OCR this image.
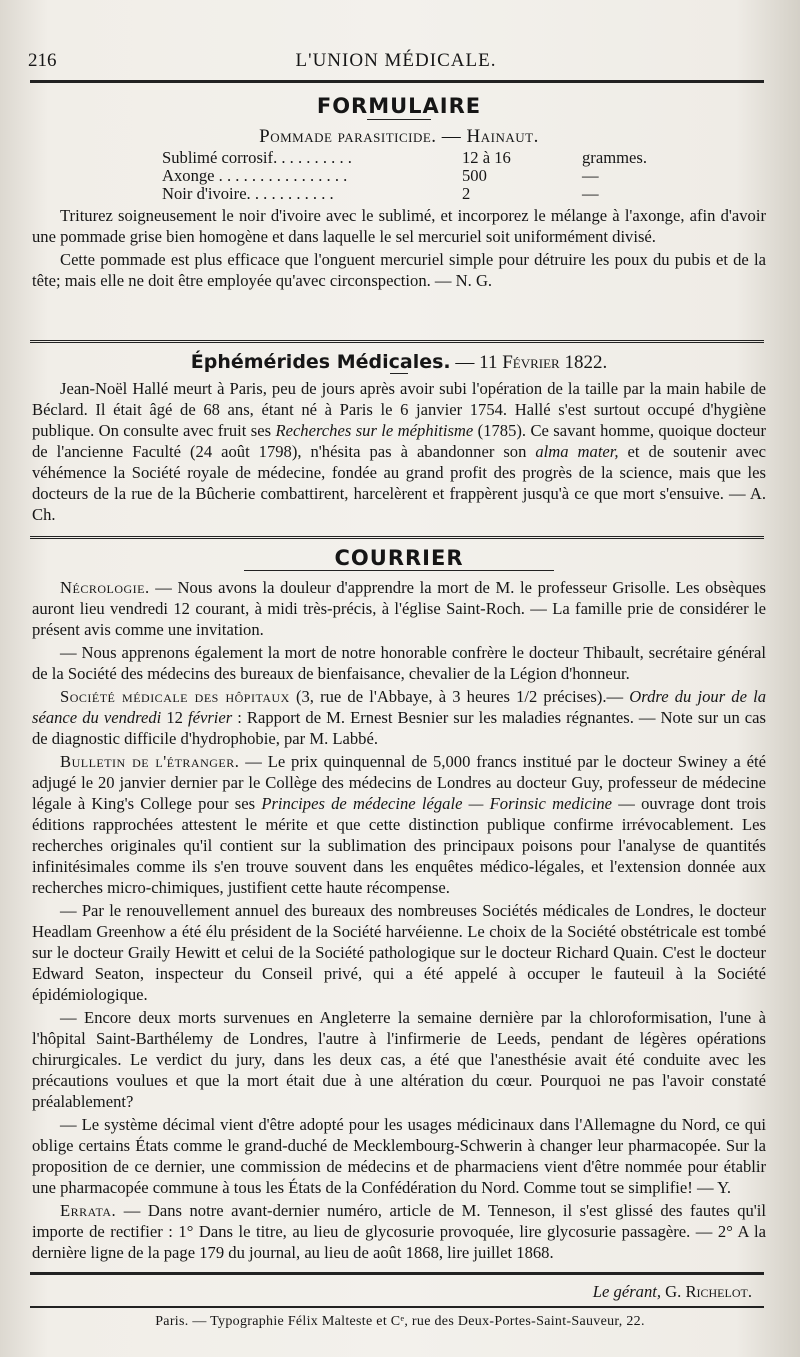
216	L'UNION MÉDICALE.
FORMULAIRE
Pommade parasiticide. — Hainaut.
Sublimé corrosif. . . . . . . . . .	12 à 16	grammes.
Axonge . . . . . . . . . . . . . . . .	500	—
Noir d'ivoire. . . . . . . . . . .	2	—

Triturez soigneusement le noir d'ivoire avec le sublimé, et incorporez le mélange à l'axonge, afin d'avoir une pommade grise bien homogène et dans laquelle le sel mercuriel soit uniformément divisé.

Cette pommade est plus efficace que l'onguent mercuriel simple pour détruire les poux du pubis et de la tête; mais elle ne doit être employée qu'avec circonspection. — N. G.

Éphémérides Médicales. — 11 Février 1822.

Jean-Noël Hallé meurt à Paris, peu de jours après avoir subi l'opération de la taille par la main habile de Béclard. Il était âgé de 68 ans, étant né à Paris le 6 janvier 1754. Hallé s'est surtout occupé d'hygiène publique. On consulte avec fruit ses Recherches sur le méphitisme (1785). Ce savant homme, quoique docteur de l'ancienne Faculté (24 août 1798), n'hésita pas à abandonner son alma mater, et de soutenir avec véhémence la Société royale de médecine, fondée au grand profit des progrès de la science, mais que les docteurs de la rue de la Bûcherie combattirent, harcelèrent et frappèrent jusqu'à ce que mort s'ensuive. — A. Ch.

COURRIER

Nécrologie. — Nous avons la douleur d'apprendre la mort de M. le professeur Grisolle. Les obsèques auront lieu vendredi 12 courant, à midi très-précis, à l'église Saint-Roch. — La famille prie de considérer le présent avis comme une invitation.

— Nous apprenons également la mort de notre honorable confrère le docteur Thibault, secrétaire général de la Société des médecins des bureaux de bienfaisance, chevalier de la Légion d'honneur.

Société médicale des hôpitaux (3, rue de l'Abbaye, à 3 heures 1/2 précises).— Ordre du jour de la séance du vendredi 12 février : Rapport de M. Ernest Besnier sur les maladies régnantes. — Note sur un cas de diagnostic difficile d'hydrophobie, par M. Labbé.

Bulletin de l'étranger. — Le prix quinquennal de 5,000 francs institué par le docteur Swiney a été adjugé le 20 janvier dernier par le Collège des médecins de Londres au docteur Guy, professeur de médecine légale à King's College pour ses Principes de médecine légale — Forinsic medicine — ouvrage dont trois éditions rapprochées attestent le mérite et que cette distinction publique confirme irrévocablement. Les recherches originales qu'il contient sur la sublimation des principaux poisons pour l'analyse de quantités infinitésimales comme ils s'en trouve souvent dans les enquêtes médico-légales, et l'extension donnée aux recherches micro-chimiques, justifient cette haute récompense.

— Par le renouvellement annuel des bureaux des nombreuses Sociétés médicales de Londres, le docteur Headlam Greenhow a été élu président de la Société harvéienne. Le choix de la Société obstétricale est tombé sur le docteur Graily Hewitt et celui de la Société pathologique sur le docteur Richard Quain. C'est le docteur Edward Seaton, inspecteur du Conseil privé, qui a été appelé à occuper le fauteuil à la Société épidémiologique.

— Encore deux morts survenues en Angleterre la semaine dernière par la chloroformisation, l'une à l'hôpital Saint-Barthélemy de Londres, l'autre à l'infirmerie de Leeds, pendant de légères opérations chirurgicales. Le verdict du jury, dans les deux cas, a été que l'anesthésie avait été conduite avec les précautions voulues et que la mort était due à une altération du cœur. Pourquoi ne pas l'avoir constaté préalablement?

— Le système décimal vient d'être adopté pour les usages médicinaux dans l'Allemagne du Nord, ce qui oblige certains États comme le grand-duché de Mecklembourg-Schwerin à changer leur pharmacopée. Sur la proposition de ce dernier, une commission de médecins et de pharmaciens vient d'être nommée pour établir une pharmacopée commune à tous les États de la Confédération du Nord. Comme tout se simplifie! — Y.

Errata. — Dans notre avant-dernier numéro, article de M. Tenneson, il s'est glissé des fautes qu'il importe de rectifier : 1° Dans le titre, au lieu de glycosurie provoquée, lire glycosurie passagère. — 2° A la dernière ligne de la page 179 du journal, au lieu de août 1868, lire juillet 1868.

Le gérant, G. Richelot.
Paris. — Typographie Félix Malteste et Cᵉ, rue des Deux-Portes-Saint-Sauveur, 22.
